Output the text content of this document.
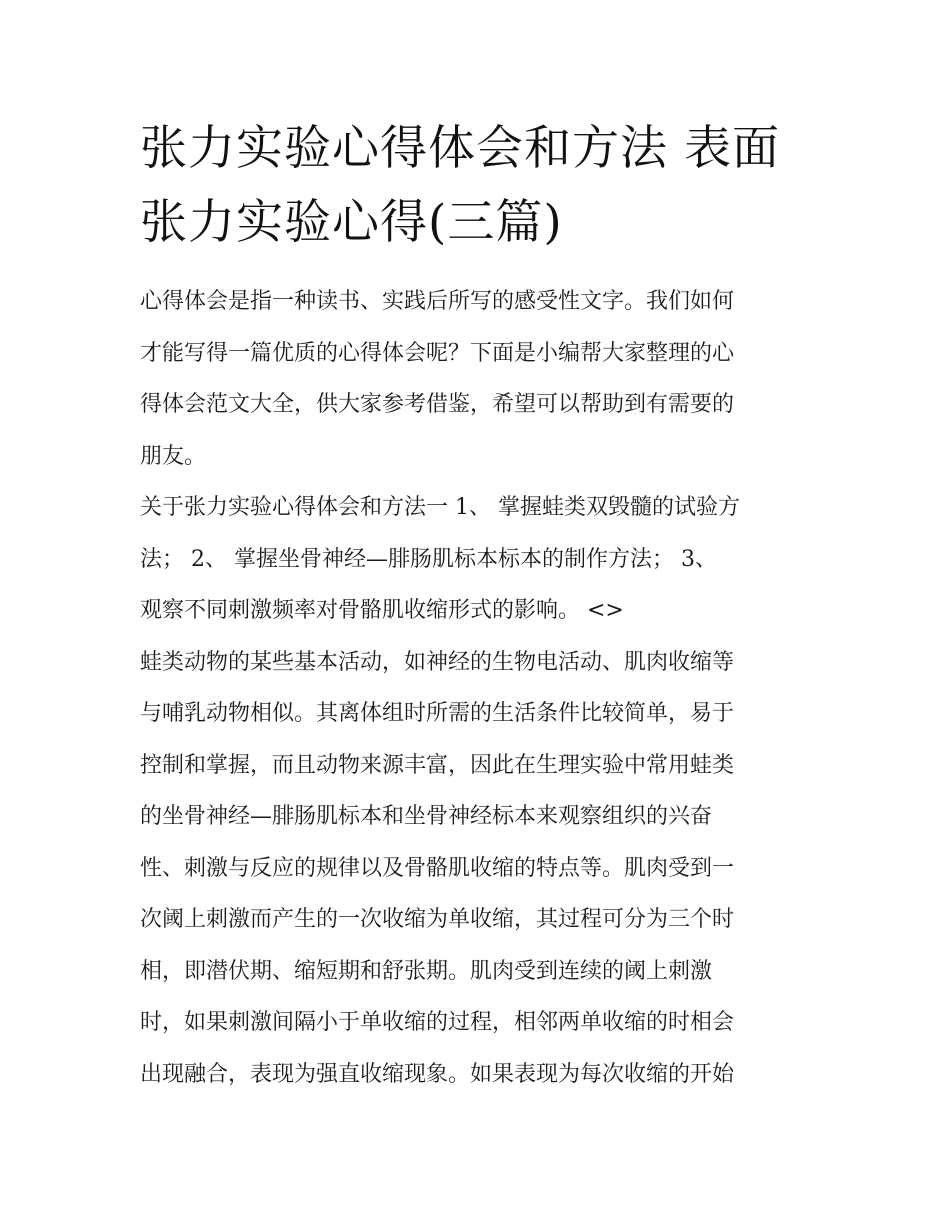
张力实验心得体会和方法 表面
张力实验心得(三篇)
心得体会是指一种读书、实践后所写的感受性文字。我们如何
才能写得一篇优质的心得体会呢？下面是小编帮大家整理的心
得体会范文大全，供大家参考借鉴，希望可以帮助到有需要的
朋友。
关于张力实验心得体会和方法一 1、 掌握蛙类双毁髓的试验方
法； 2、 掌握坐骨神经—腓肠肌标本标本的制作方法； 3、
观察不同刺激频率对骨骼肌收缩形式的影响。 <>
蛙类动物的某些基本活动，如神经的生物电活动、肌肉收缩等
与哺乳动物相似。其离体组时所需的生活条件比较简单，易于
控制和掌握，而且动物来源丰富，因此在生理实验中常用蛙类
的坐骨神经—腓肠肌标本和坐骨神经标本来观察组织的兴奋
性、刺激与反应的规律以及骨骼肌收缩的特点等。肌肉受到一
次阈上刺激而产生的一次收缩为单收缩，其过程可分为三个时
相，即潜伏期、缩短期和舒张期。肌肉受到连续的阈上刺激
时，如果刺激间隔小于单收缩的过程，相邻两单收缩的时相会
出现融合，表现为强直收缩现象。如果表现为每次收缩的开始
